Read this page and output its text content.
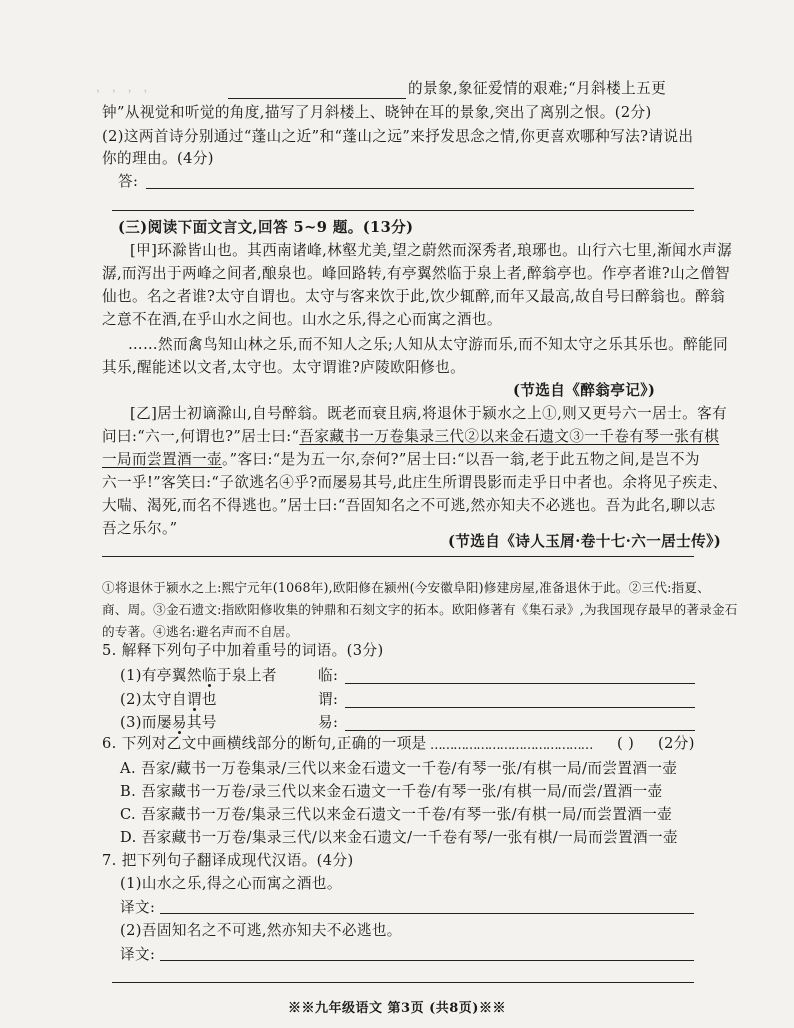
， ， ， ，	的景象,象征爱情的艰难;“月斜楼上五更
钟”从视觉和听觉的角度,描写了月斜楼上、晓钟在耳的景象,突出了离别之恨。(2分)
(2)这两首诗分别通过“蓬山之近”和“蓬山之远”来抒发思念之情,你更喜欢哪种写法?请说出
你的理由。(4分)
答:
(三)阅读下面文言文,回答 5~9 题。(13分)
[甲]环滁皆山也。其西南诸峰,林壑尤美,望之蔚然而深秀者,琅琊也。山行六七里,渐闻水声潺
潺,而泻出于两峰之间者,酿泉也。峰回路转,有亭翼然临于泉上者,醉翁亭也。作亭者谁?山之僧智
仙也。名之者谁?太守自谓也。太守与客来饮于此,饮少辄醉,而年又最高,故自号曰醉翁也。醉翁
之意不在酒,在乎山水之间也。山水之乐,得之心而寓之酒也。
……然而禽鸟知山林之乐,而不知人之乐;人知从太守游而乐,而不知太守之乐其乐也。醉能同
其乐,醒能述以文者,太守也。太守谓谁?庐陵欧阳修也。
(节选自《醉翁亭记》)
[乙]居士初谪滁山,自号醉翁。既老而衰且病,将退休于颍水之上①,则又更号六一居士。客有
问曰:“六一,何谓也?”居士曰:“吾家藏书一万卷集录三代②以来金石遗文③一千卷有琴一张有棋
一局而尝置酒一壶。”客曰:“是为五一尔,奈何?”居士曰:“以吾一翁,老于此五物之间,是岂不为
六一乎!”客笑曰:“子欲逃名④乎?而屡易其号,此庄生所谓畏影而走乎日中者也。余将见子疾走、
大喘、渴死,而名不得逃也。”居士曰:“吾固知名之不可逃,然亦知夫不必逃也。吾为此名,聊以志
吾之乐尔。”
(节选自《诗人玉屑·卷十七·六一居士传》)
①将退休于颍水之上:熙宁元年(1068年),欧阳修在颍州(今安徽阜阳)修建房屋,准备退休于此。②三代:指夏、
商、周。③金石遗文:指欧阳修收集的钟鼎和石刻文字的拓本。欧阳修著有《集石录》,为我国现存最早的著录金石
的专著。④逃名:避名声而不自居。
5. 解释下列句子中加着重号的词语。(3分)
(1)有亭翼然临于泉上者	临:
(2)太守自谓也	谓:
(3)而屡易其号	易:
6. 下列对乙文中画横线部分的断句,正确的一项是 …………………………………… ( ) (2分)
A. 吾家/藏书一万卷集录/三代以来金石遗文一千卷/有琴一张/有棋一局/而尝置酒一壶
B. 吾家藏书一万卷/录三代以来金石遗文一千卷/有琴一张/有棋一局/而尝/置酒一壶
C. 吾家藏书一万卷/集录三代以来金石遗文一千卷/有琴一张/有棋一局/而尝置酒一壶
D. 吾家藏书一万卷/集录三代/以来金石遗文/一千卷有琴/一张有棋/一局而尝置酒一壶
7. 把下列句子翻译成现代汉语。(4分)
(1)山水之乐,得之心而寓之酒也。
译文:
(2)吾固知名之不可逃,然亦知夫不必逃也。
译文:
※※九年级语文 第3页 (共8页)※※
